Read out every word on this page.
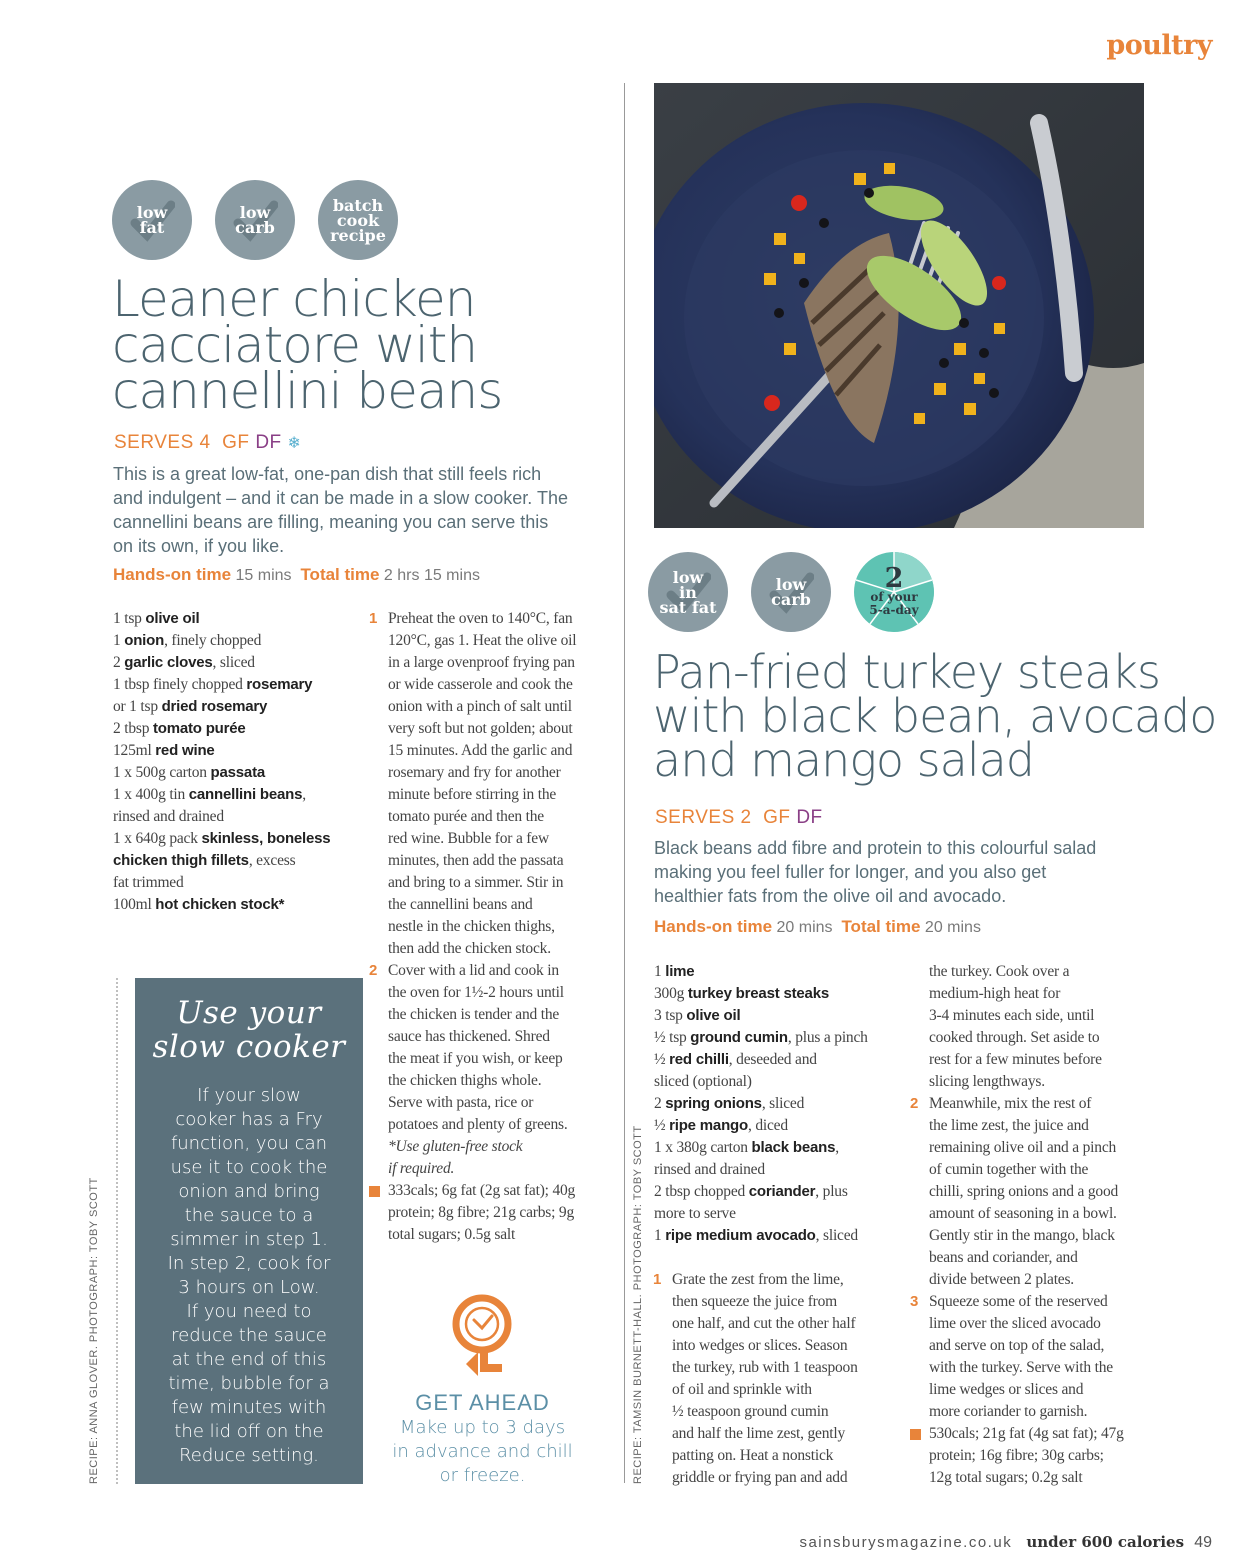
poultry
low
fat
low
carb
batch
cook
recipe
Leaner chicken
cacciatore with
cannellini beans
SERVES 4 GF DF ❄
This is a great low-fat, one-pan dish that still feels rich
and indulgent – and it can be made in a slow cooker. The
cannellini beans are filling, meaning you can serve this
on its own, if you like.
Hands-on time 15 mins Total time 2 hrs 15 mins
1 tsp olive oil
1 onion, finely chopped
2 garlic cloves, sliced
1 tbsp finely chopped rosemary
or 1 tsp dried rosemary
2 tbsp tomato purée
125ml red wine
1 x 500g carton passata
1 x 400g tin cannellini beans,
rinsed and drained
1 x 640g pack skinless, boneless
chicken thigh fillets, excess
fat trimmed
100ml hot chicken stock*
1 Preheat the oven to 140°C, fan
120°C, gas 1. Heat the olive oil
in a large ovenproof frying pan
or wide casserole and cook the
onion with a pinch of salt until
very soft but not golden; about
15 minutes. Add the garlic and
rosemary and fry for another
minute before stirring in the
tomato purée and then the
red wine. Bubble for a few
minutes, then add the passata
and bring to a simmer. Stir in
the cannellini beans and
nestle in the chicken thighs,
then add the chicken stock.
2 Cover with a lid and cook in
the oven for 1½-2 hours until
the chicken is tender and the
sauce has thickened. Shred
the meat if you wish, or keep
the chicken thighs whole.
Serve with pasta, rice or
potatoes and plenty of greens.
*Use gluten-free stock
if required.
333cals; 6g fat (2g sat fat); 40g
protein; 8g fibre; 21g carbs; 9g
total sugars; 0.5g salt
RECIPE: ANNA GLOVER. PHOTOGRAPH: TOBY SCOTT
Use your
slow cooker
If your slow
cooker has a Fry
function, you can
use it to cook the
onion and bring
the sauce to a
simmer in step 1.
In step 2, cook for
3 hours on Low.
If you need to
reduce the sauce
at the end of this
time, bubble for a
few minutes with
the lid off on the
Reduce setting.
GET AHEAD
Make up to 3 days
in advance and chill
or freeze.
low
in
sat fat
low
carb
2
of your
5-a-day
Pan-fried turkey steaks
with black bean, avocado
and mango salad
SERVES 2 GF DF
Black beans add fibre and protein to this colourful salad
making you feel fuller for longer, and you also get
healthier fats from the olive oil and avocado.
Hands-on time 20 mins Total time 20 mins
1 lime
300g turkey breast steaks
3 tsp olive oil
½ tsp ground cumin, plus a pinch
½ red chilli, deseeded and
sliced (optional)
2 spring onions, sliced
½ ripe mango, diced
1 x 380g carton black beans,
rinsed and drained
2 tbsp chopped coriander, plus
more to serve
1 ripe medium avocado, sliced
1 Grate the zest from the lime,
then squeeze the juice from
one half, and cut the other half
into wedges or slices. Season
the turkey, rub with 1 teaspoon
of oil and sprinkle with
½ teaspoon ground cumin
and half the lime zest, gently
patting on. Heat a nonstick
griddle or frying pan and add
the turkey. Cook over a
medium-high heat for
3-4 minutes each side, until
cooked through. Set aside to
rest for a few minutes before
slicing lengthways.
2 Meanwhile, mix the rest of
the lime zest, the juice and
remaining olive oil and a pinch
of cumin together with the
chilli, spring onions and a good
amount of seasoning in a bowl.
Gently stir in the mango, black
beans and coriander, and
divide between 2 plates.
3 Squeeze some of the reserved
lime over the sliced avocado
and serve on top of the salad,
with the turkey. Serve with the
lime wedges or slices and
more coriander to garnish.
530cals; 21g fat (4g sat fat); 47g
protein; 16g fibre; 30g carbs;
12g total sugars; 0.2g salt
RECIPE: TAMSIN BURNETT-HALL. PHOTOGRAPH: TOBY SCOTT
sainsburysmagazine.co.uk under 600 calories 49
